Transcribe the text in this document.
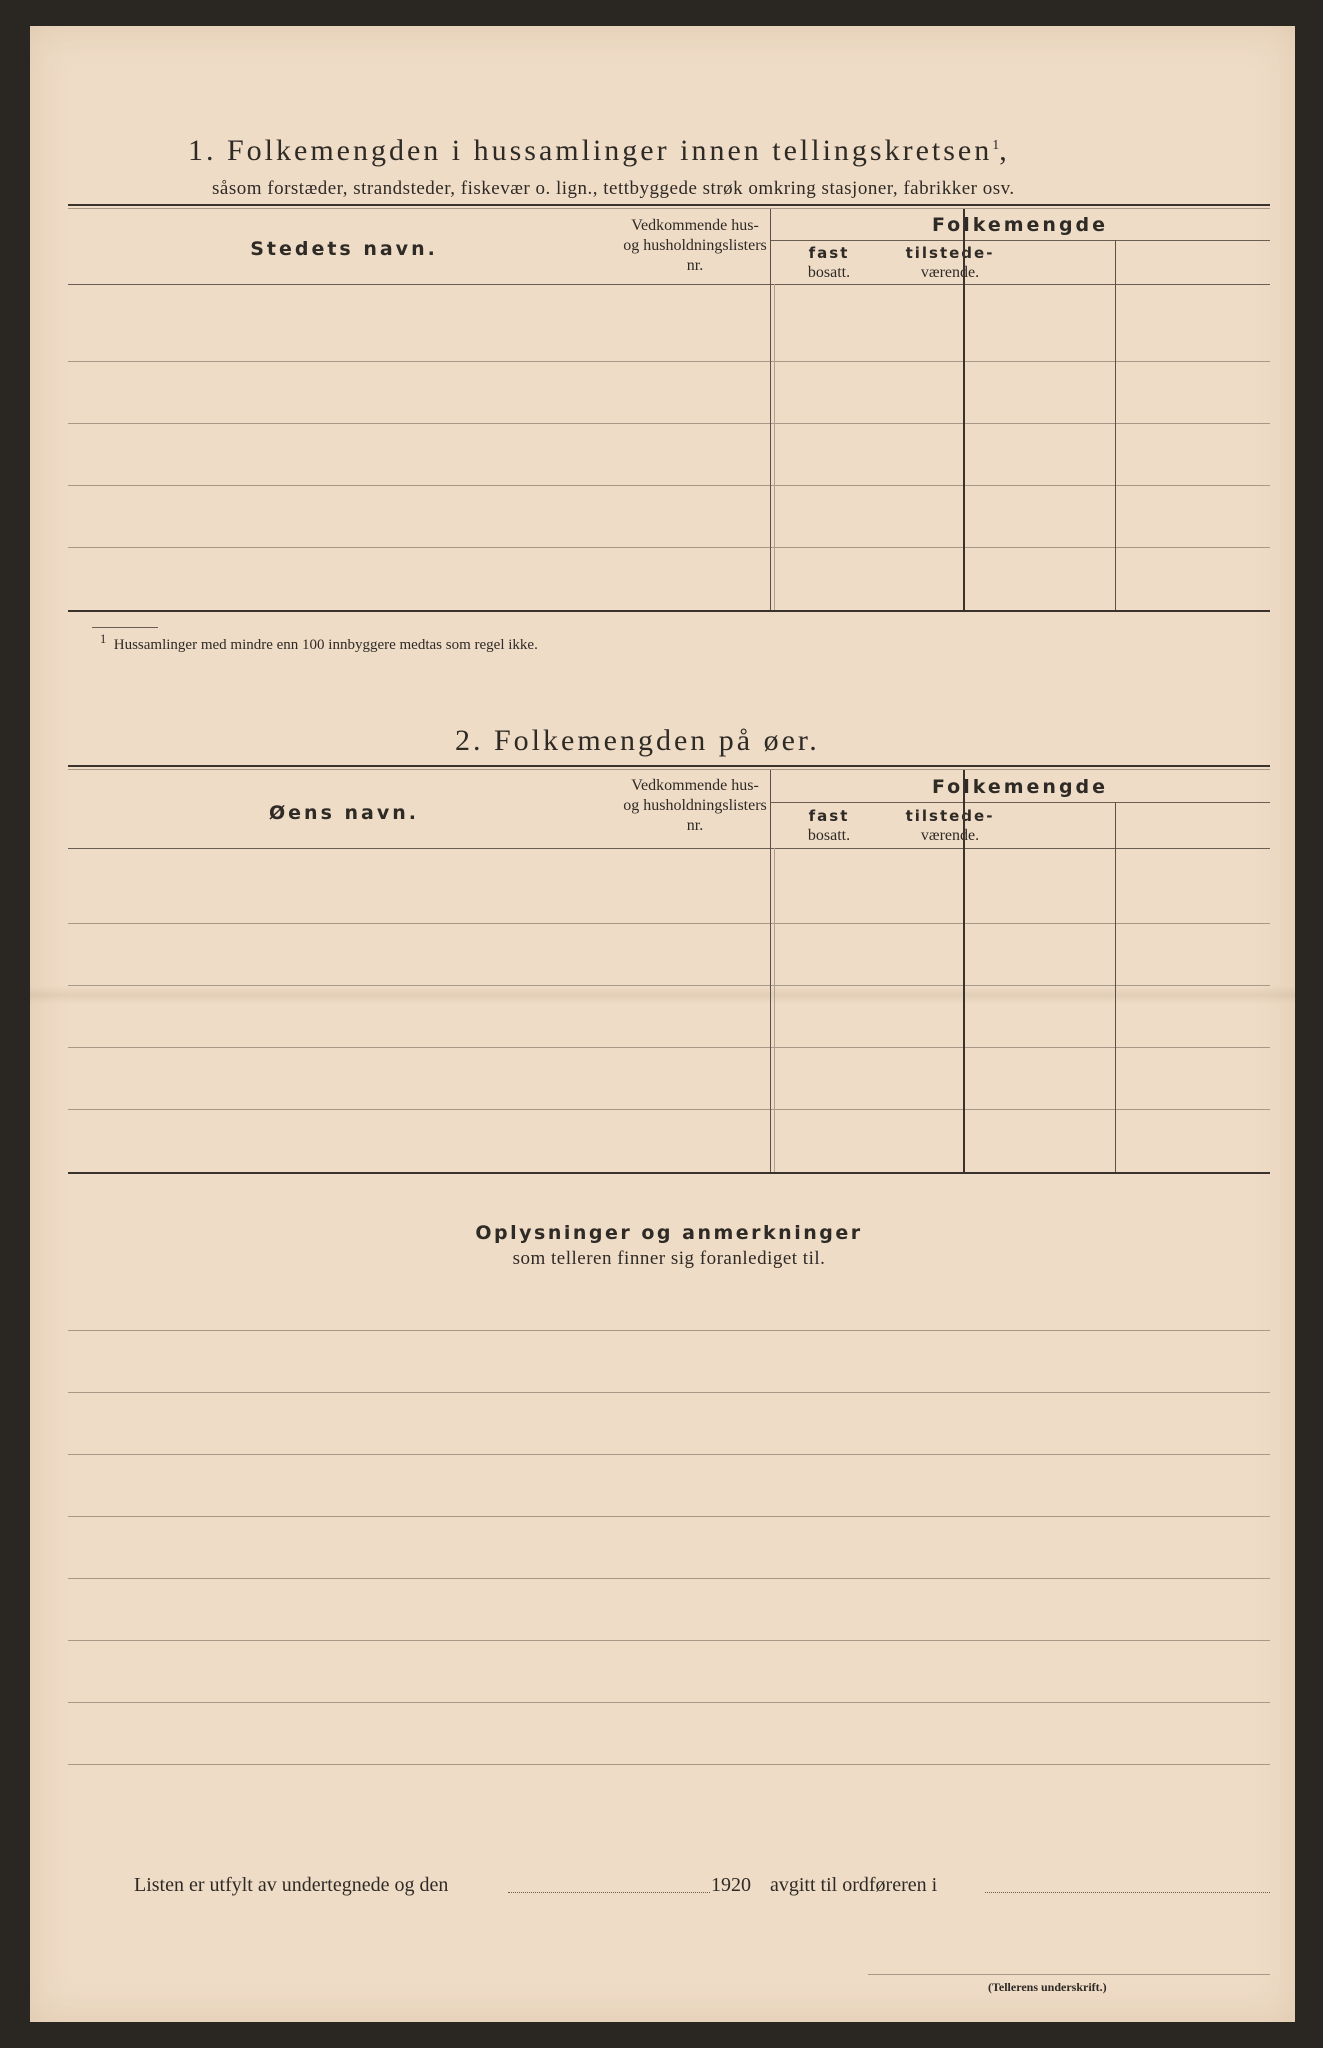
1. Folkemengden i hussamlinger innen tellingskretsen$^1$,
såsom forstæder, strandsteder, fiskevær o. lign., tettbyggede strøk omkring stasjoner, fabrikker osv.
Stedets navn.
Vedkommende hus- og husholdningslisters nr.
Folkemengde
fast
bosatt.
tilstede-
værende.
$^1$ Hussamlinger med mindre enn 100 innbyggere medtas som regel ikke.
2. Folkemengden på øer.
Øens navn.
Vedkommende hus- og husholdningslisters nr.
Folkemengde
fast
bosatt.
tilstede-
værende.
Oplysninger og anmerkninger
som telleren finner sig foranlediget til.
Listen er utfylt av undertegnede og den	1920 avgitt til ordføreren i
(Tellerens underskrift.)
